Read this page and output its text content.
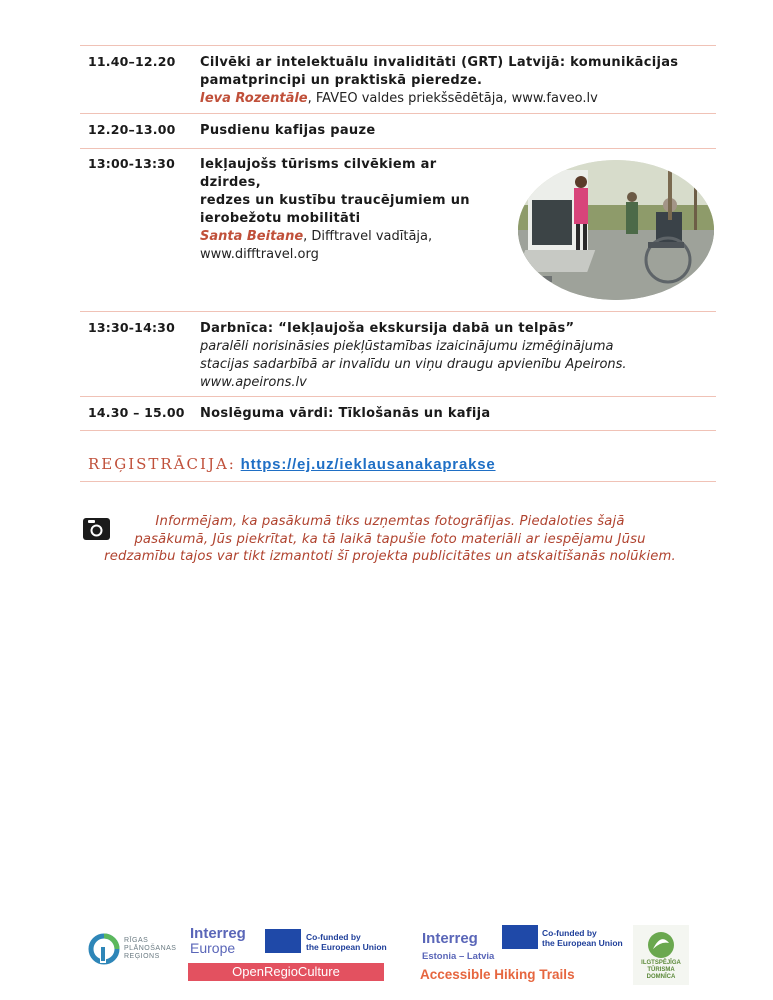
11.40–12.20	Cilvēki ar intelektuālu invaliditāti (GRT) Latvijā: komunikācijas
pamatprincipi un praktiskā pieredze.
Ieva Rozentāle, FAVEO valdes priekšsēdētāja, www.faveo.lv
12.20–13.00	Pusdienu kafijas pauze
13:00-13:30	Iekļaujošs tūrisms cilvēkiem ar dzirdes,
redzes un kustību traucējumiem un
ierobežotu mobilitāti
Santa Beitane, Difftravel vadītāja,
www.difftravel.org
13:30-14:30	Darbnīca: “Iekļaujoša ekskursija dabā un telpās”
paralēli norisināsies piekļūstamības izaicinājumu izmēģinājuma
stacijas sadarbībā ar invalīdu un viņu draugu apvienību Apeirons.
www.apeirons.lv
14.30 – 15.00	Noslēguma vārdi: Tīklošanās un kafija
REĢISTRĀCIJA: https://ej.uz/ieklausanakaprakse
Informējam, ka pasākumā tiks uzņemtas fotogrāfijas. Piedaloties šajā
pasākumā, Jūs piekrītat, ka tā laikā tapušie foto materiāli ar iespējamu Jūsu
redzamību tajos var tikt izmantoti šī projekta publicitātes un atskaitīšanās nolūkiem.
RĪGAS
PLĀNOŠANAS
REĢIONS
Interreg
Europe
Co-funded by
the European Union
OpenRegioCulture
Interreg	Co-funded by
the European Union
Estonia – Latvia
Accessible Hiking Trails
ILGTSPĒJĪGA
TŪRISMA
DOMNĪCA
